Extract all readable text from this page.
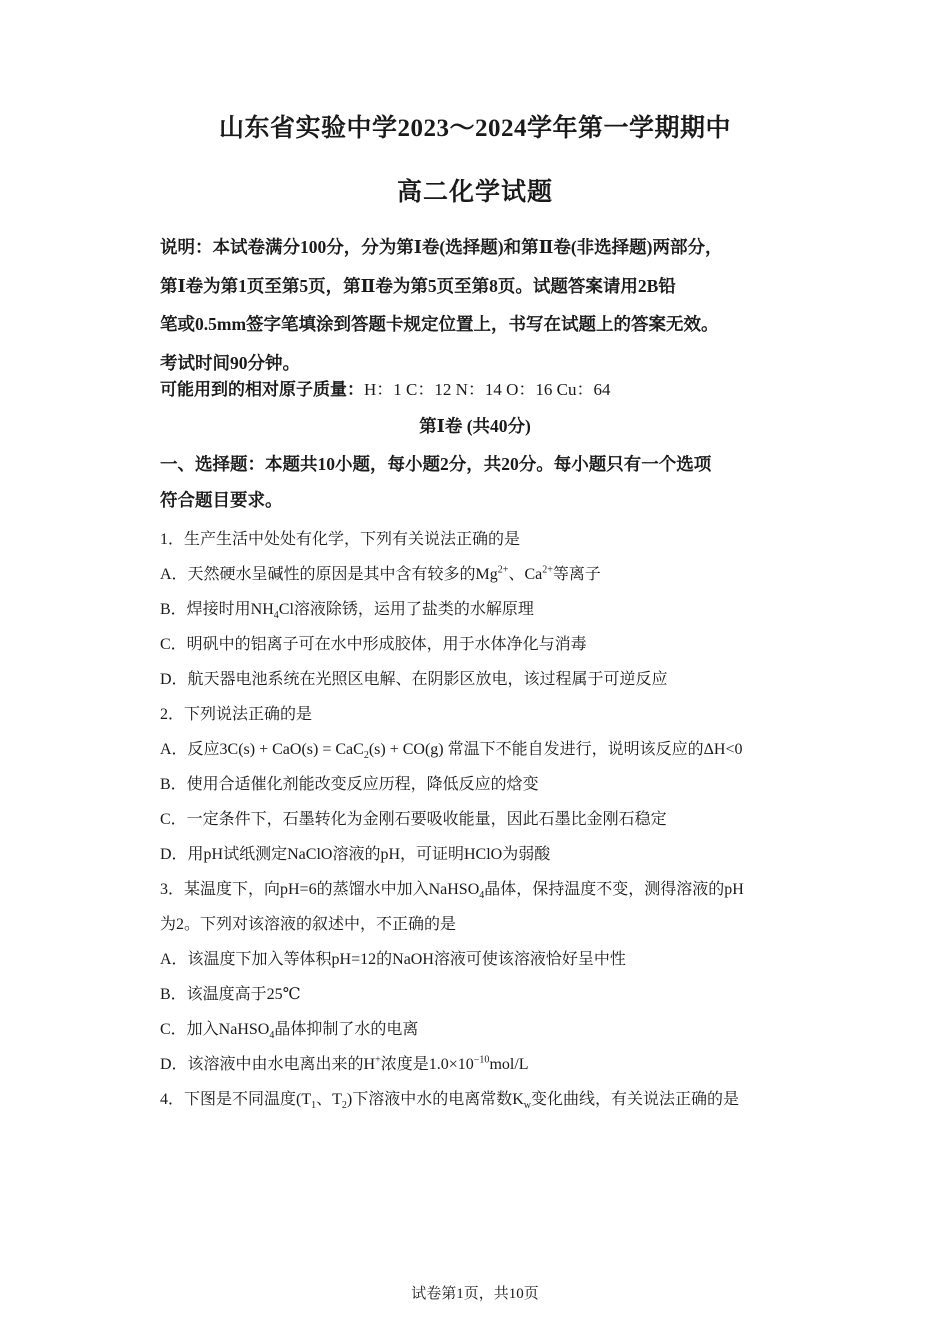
山东省实验中学2023～2024学年第一学期期中
高二化学试题
说明：本试卷满分100分，分为第Ⅰ卷(选择题)和第Ⅱ卷(非选择题)两部分，
第Ⅰ卷为第1页至第5页，第Ⅱ卷为第5页至第8页。试题答案请用2B铅
笔或0.5mm签字笔填涂到答题卡规定位置上，书写在试题上的答案无效。
考试时间90分钟。
可能用到的相对原子质量：H：1 C：12 N：14 O：16 Cu：64
第Ⅰ卷 (共40分)
一、选择题：本题共10小题，每小题2分，共20分。每小题只有一个选项
符合题目要求。
1．生产生活中处处有化学，下列有关说法正确的是
A．天然硬水呈碱性的原因是其中含有较多的$Mg^{2+}$、$Ca^{2+}$等离子
B．焊接时用$NH_4Cl$溶液除锈，运用了盐类的水解原理
C．明矾中的铝离子可在水中形成胶体，用于水体净化与消毒
D．航天器电池系统在光照区电解、在阴影区放电，该过程属于可逆反应
2．下列说法正确的是
A．反应3C(s) + CaO(s) = CaC$_2$(s) + CO(g) 常温下不能自发进行，说明该反应的ΔH<0
B．使用合适催化剂能改变反应历程，降低反应的焓变
C．一定条件下，石墨转化为金刚石要吸收能量，因此石墨比金刚石稳定
D．用pH试纸测定NaClO溶液的pH，可证明HClO为弱酸
3．某温度下，向pH=6的蒸馏水中加入NaHSO$_4$晶体，保持温度不变，测得溶液的pH
为2。下列对该溶液的叙述中，不正确的是
A．该温度下加入等体积pH=12的NaOH溶液可使该溶液恰好呈中性
B．该温度高于25℃
C．加入NaHSO$_4$晶体抑制了水的电离
D．该溶液中由水电离出来的H+浓度是$1.0\times 10^{-10}mol/L$
4．下图是不同温度($T_1$、$T_2$)下溶液中水的电离常数$K_w$变化曲线，有关说法正确的是
试卷第1页，共10页
